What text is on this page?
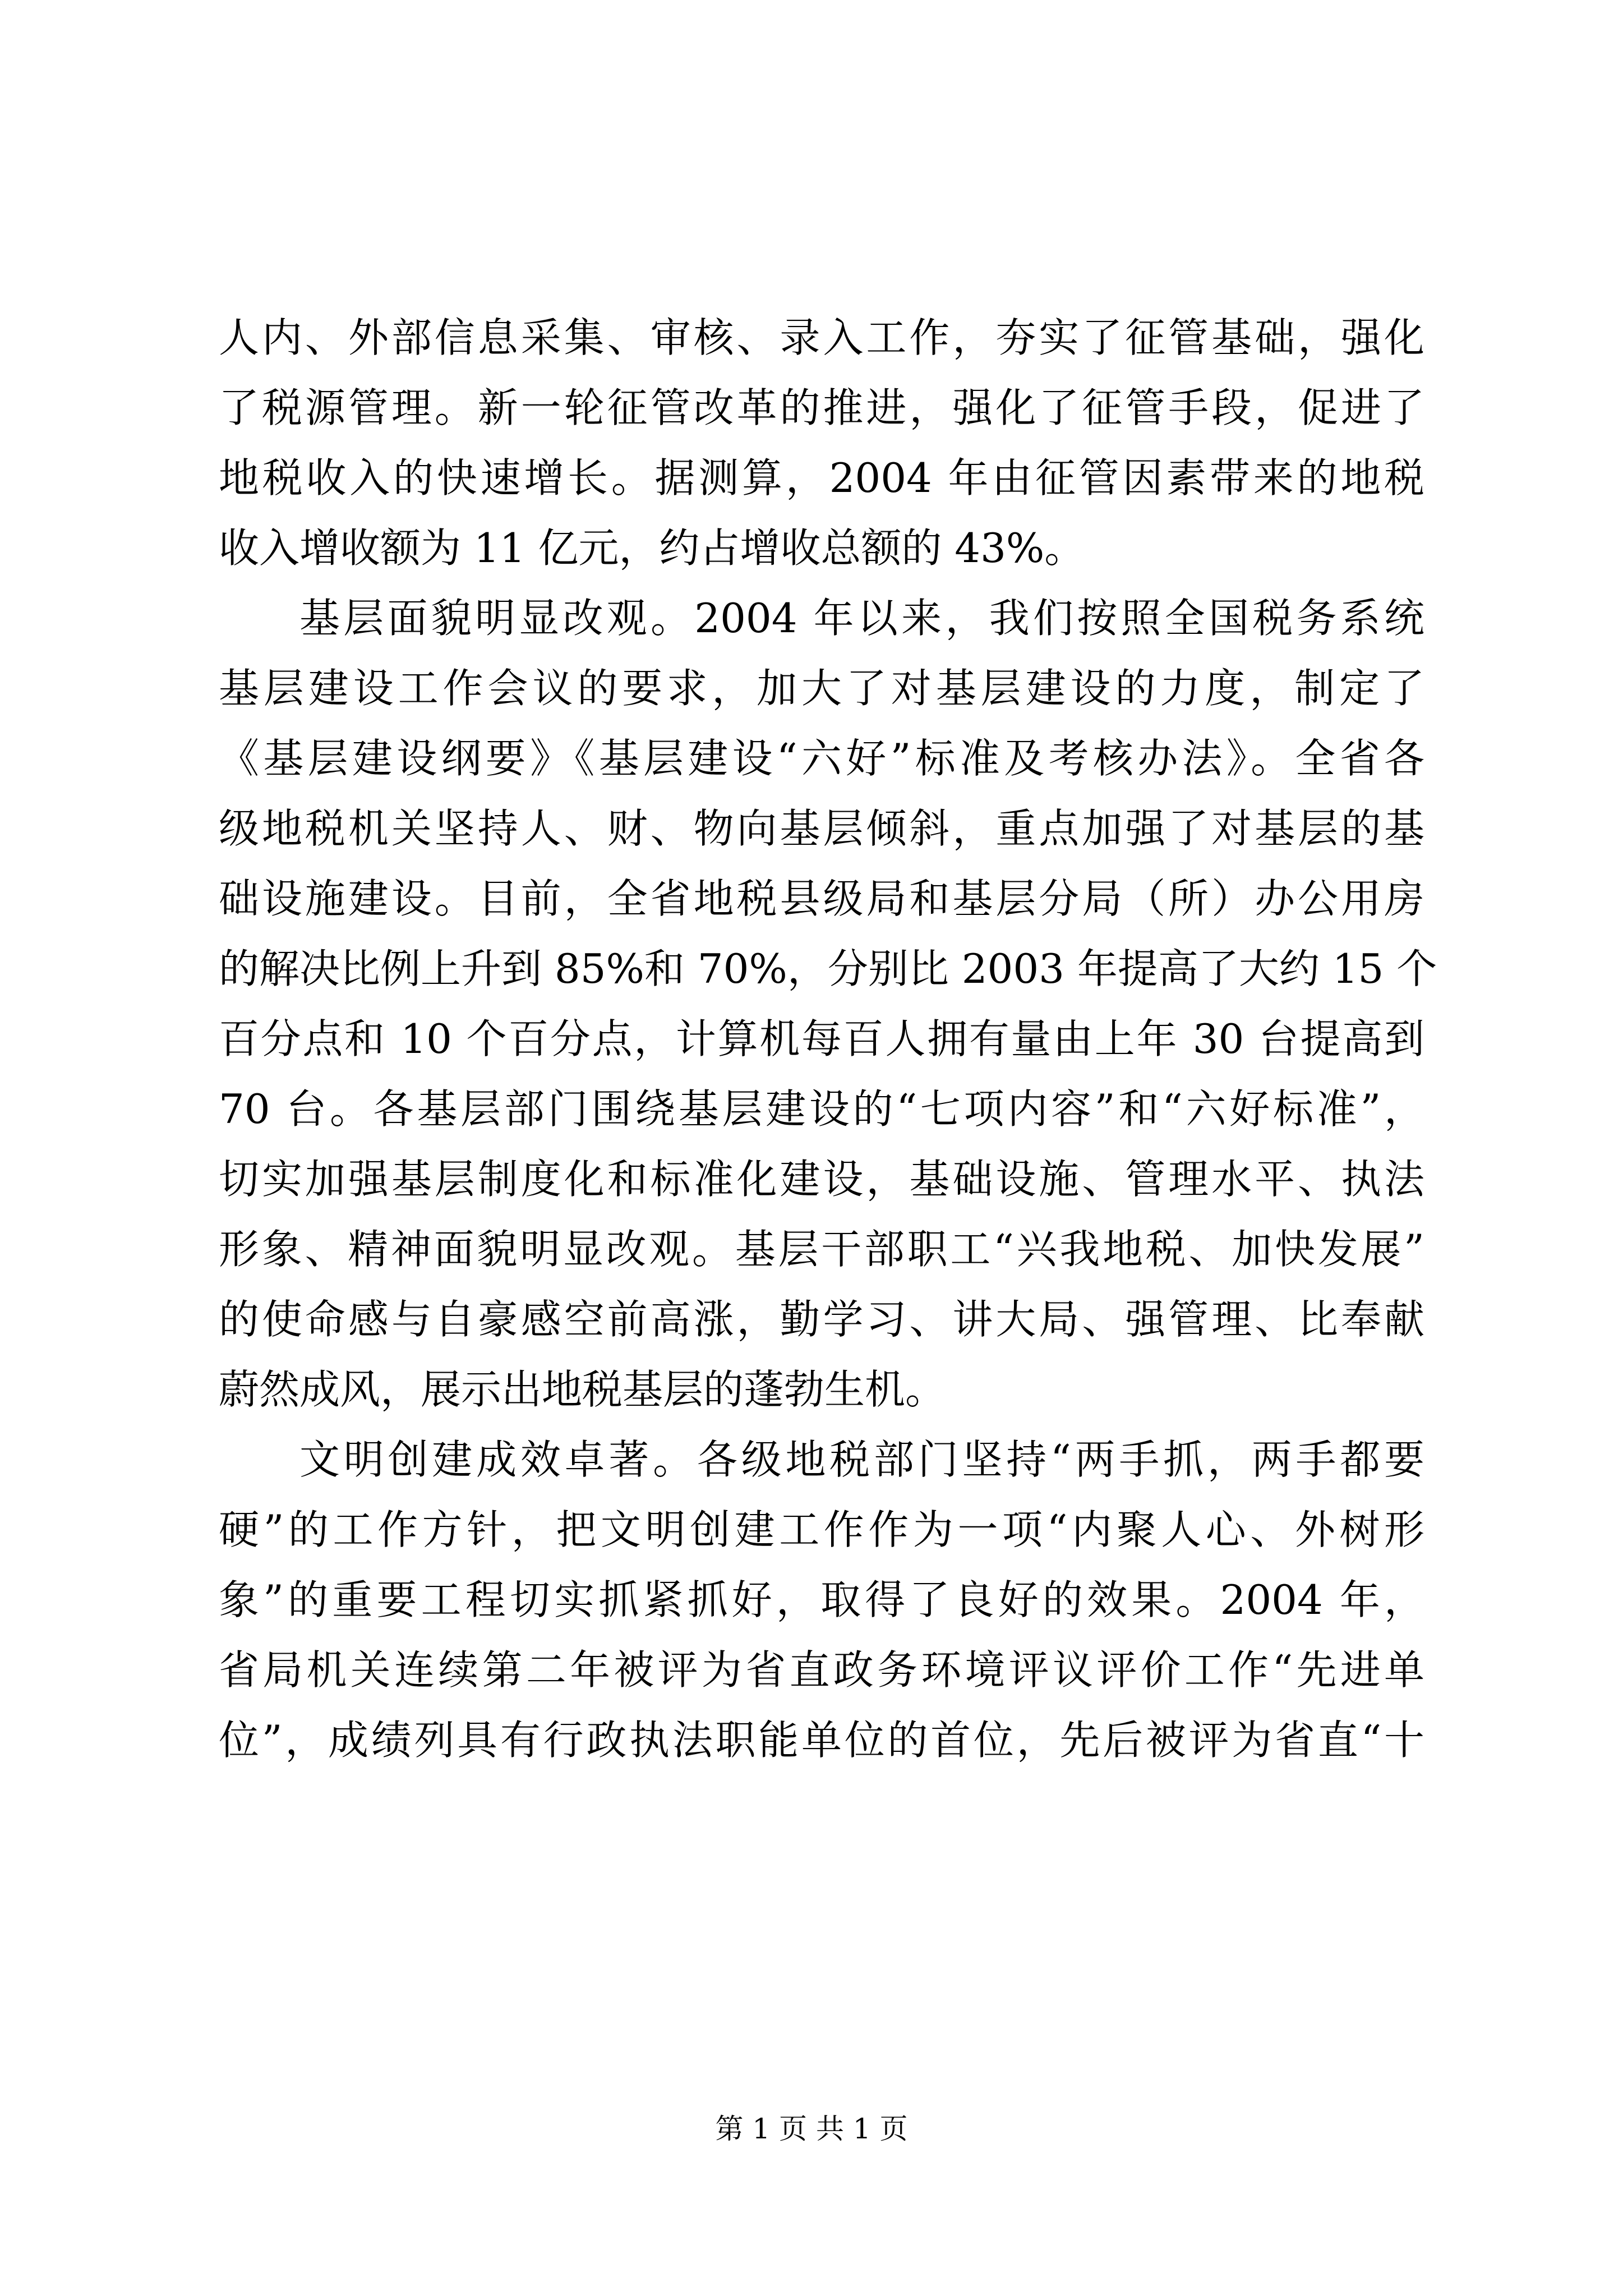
人内、外部信息采集、审核、录入工作，夯实了征管基础，强化
了税源管理。新一轮征管改革的推进，强化了征管手段，促进了
地税收入的快速增长。据测算，2004 年由征管因素带来的地税
收入增收额为 11 亿元，约占增收总额的 43%。
基层面貌明显改观。2004 年以来，我们按照全国税务系统
基层建设工作会议的要求，加大了对基层建设的力度，制定了
《基层建设纲要》《基层建设“六好”标准及考核办法》。全省各
级地税机关坚持人、财、物向基层倾斜，重点加强了对基层的基
础设施建设。目前，全省地税县级局和基层分局（所）办公用房
的解决比例上升到 85%和 70%，分别比 2003 年提高了大约 15 个
百分点和 10 个百分点，计算机每百人拥有量由上年 30 台提高到
70 台。各基层部门围绕基层建设的“七项内容”和“六好标准”，
切实加强基层制度化和标准化建设，基础设施、管理水平、执法
形象、精神面貌明显改观。基层干部职工“兴我地税、加快发展”
的使命感与自豪感空前高涨，勤学习、讲大局、强管理、比奉献
蔚然成风，展示出地税基层的蓬勃生机。
文明创建成效卓著。各级地税部门坚持“两手抓，两手都要
硬”的工作方针，把文明创建工作作为一项“内聚人心、外树形
象”的重要工程切实抓紧抓好，取得了良好的效果。2004 年，
省局机关连续第二年被评为省直政务环境评议评价工作“先进单
位”，成绩列具有行政执法职能单位的首位，先后被评为省直“十
第 1 页 共 1 页
